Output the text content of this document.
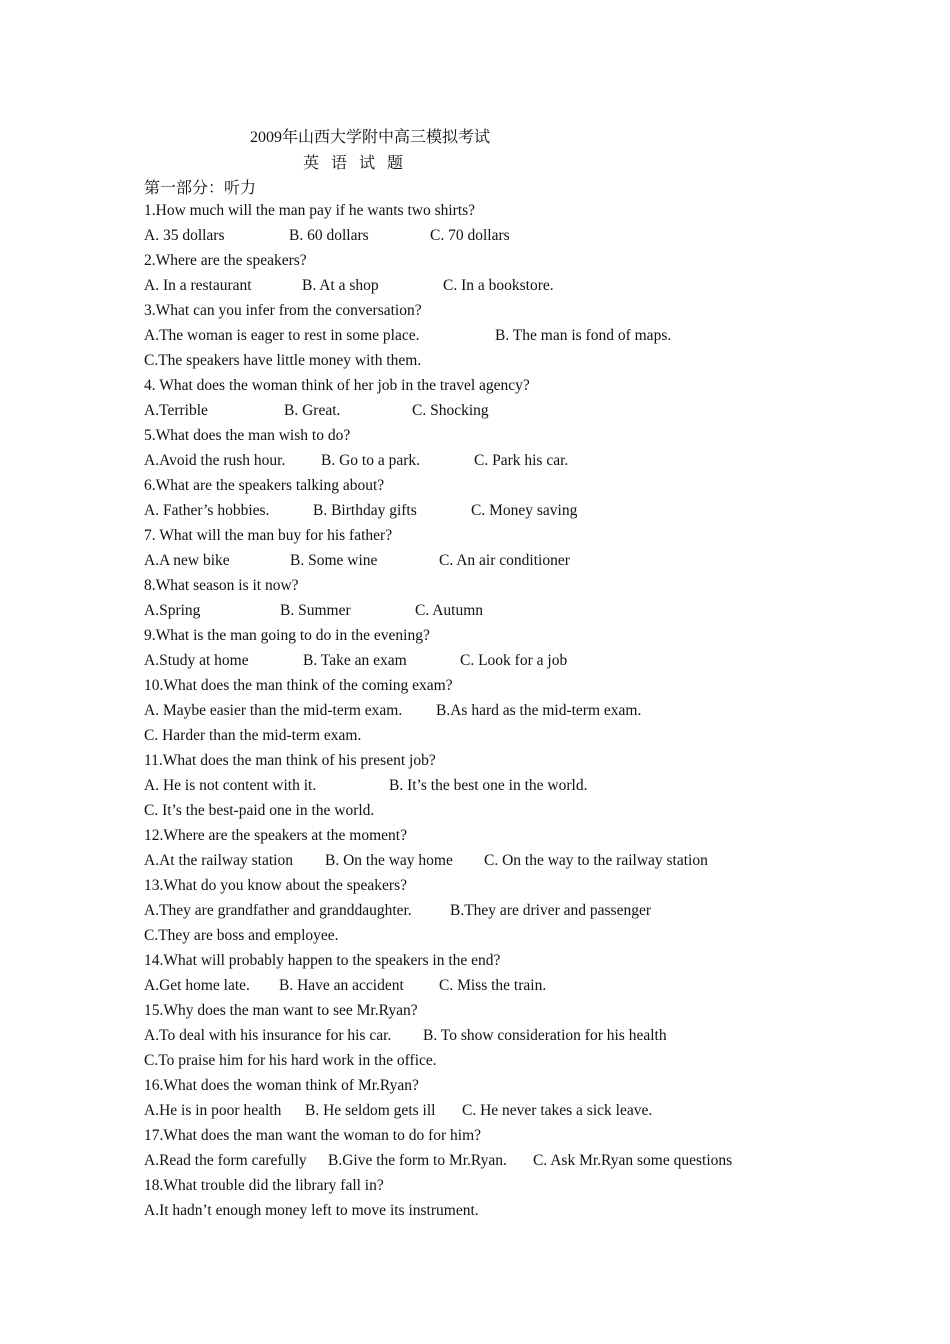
2009年山西大学附中高三模拟考试
英 语 试 题
第一部分：听力
1.How much will the man pay if he wants two shirts?
A. 35 dollars	B. 60 dollars	C. 70 dollars
2.Where are the speakers?
A. In a restaurant	B. At a shop	C. In a bookstore.
3.What can you infer from the conversation?
A.The woman is eager to rest in some place.	B. The man is fond of maps.
C.The speakers have little money with them.
4. What does the woman think of her job in the travel agency?
A.Terrible	B. Great.	C. Shocking
5.What does the man wish to do?
A.Avoid the rush hour. B. Go to a park.	C. Park his car.
6.What are the speakers talking about?
A. Father’s hobbies.	B. Birthday gifts	C. Money saving
7. What will the man buy for his father?
A.A new bike	B. Some wine	C. An air conditioner
8.What season is it now?
A.Spring	B. Summer	C. Autumn
9.What is the man going to do in the evening?
A.Study at home	B. Take an exam	C. Look for a job
10.What does the man think of the coming exam?
A. Maybe easier than the mid-term exam. B.As hard as the mid-term exam.
C. Harder than the mid-term exam.
11.What does the man think of his present job?
A. He is not content with it.	B. It’s the best one in the world.
C. It’s the best-paid one in the world.
12.Where are the speakers at the moment?
A.At the railway station B. On the way home C. On the way to the railway station
13.What do you know about the speakers?
A.They are grandfather and granddaughter. B.They are driver and passenger
C.They are boss and employee.
14.What will probably happen to the speakers in the end?
A.Get home late. B. Have an accident C. Miss the train.
15.Why does the man want to see Mr.Ryan?
A.To deal with his insurance for his car. B. To show consideration for his health
C.To praise him for his hard work in the office.
16.What does the woman think of Mr.Ryan?
A.He is in poor health B. He seldom gets ill C. He never takes a sick leave.
17.What does the man want the woman to do for him?
A.Read the form carefully B.Give the form to Mr.Ryan. C. Ask Mr.Ryan some questions
18.What trouble did the library fall in?
A.It hadn’t enough money left to move its instrument.
